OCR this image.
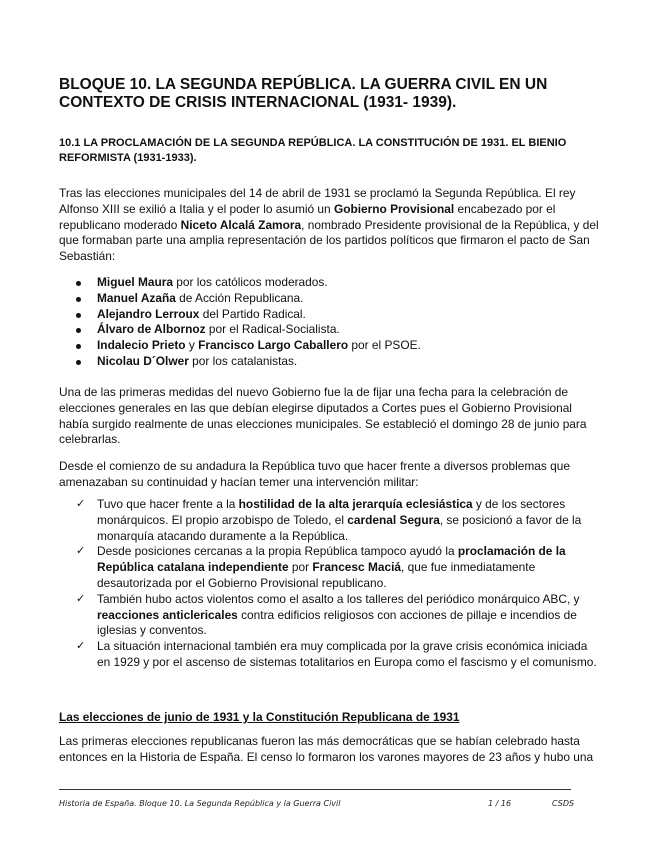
BLOQUE 10. LA SEGUNDA REPÚBLICA. LA GUERRA CIVIL EN UN CONTEXTO DE CRISIS INTERNACIONAL (1931- 1939).
10.1 LA PROCLAMACIÓN DE LA SEGUNDA REPÚBLICA. LA CONSTITUCIÓN DE 1931. EL BIENIO REFORMISTA (1931-1933).

Tras las elecciones municipales del 14 de abril de 1931 se proclamó la Segunda República. El rey Alfonso XIII se exilió a Italia y el poder lo asumió un Gobierno Provisional encabezado por el republicano moderado Niceto Alcalá Zamora, nombrado Presidente provisional de la República, y del que formaban parte una amplia representación de los partidos políticos que firmaron el pacto de San Sebastián:

Miguel Maura por los católicos moderados.
Manuel Azaña de Acción Republicana.
Alejandro Lerroux del Partido Radical.
Álvaro de Albornoz por el Radical-Socialista.
Indalecio Prieto y Francisco Largo Caballero por el PSOE.
Nicolau D´Olwer por los catalanistas.

Una de las primeras medidas del nuevo Gobierno fue la de fijar una fecha para la celebración de elecciones generales en las que debían elegirse diputados a Cortes pues el Gobierno Provisional había surgido realmente de unas elecciones municipales. Se estableció el domingo 28 de junio para celebrarlas.

Desde el comienzo de su andadura la República tuvo que hacer frente a diversos problemas que amenazaban su continuidad y hacían temer una intervención militar:

✓ Tuvo que hacer frente a la hostilidad de la alta jerarquía eclesiástica y de los sectores monárquicos. El propio arzobispo de Toledo, el cardenal Segura, se posicionó a favor de la monarquía atacando duramente a la República.
✓ Desde posiciones cercanas a la propia República tampoco ayudó la proclamación de la República catalana independiente por Francesc Maciá, que fue inmediatamente desautorizada por el Gobierno Provisional republicano.
✓ También hubo actos violentos como el asalto a los talleres del periódico monárquico ABC, y reacciones anticlericales contra edificios religiosos con acciones de pillaje e incendios de iglesias y conventos.
✓ La situación internacional también era muy complicada por la grave crisis económica iniciada en 1929 y por el ascenso de sistemas totalitarios en Europa como el fascismo y el comunismo.

Las elecciones de junio de 1931 y la Constitución Republicana de 1931

Las primeras elecciones republicanas fueron las más democráticas que se habían celebrado hasta entonces en la Historia de España. El censo lo formaron los varones mayores de 23 años y hubo una

Historia de España. Bloque 10. La Segunda República y la Guerra Civil	1 / 16	CSDS
